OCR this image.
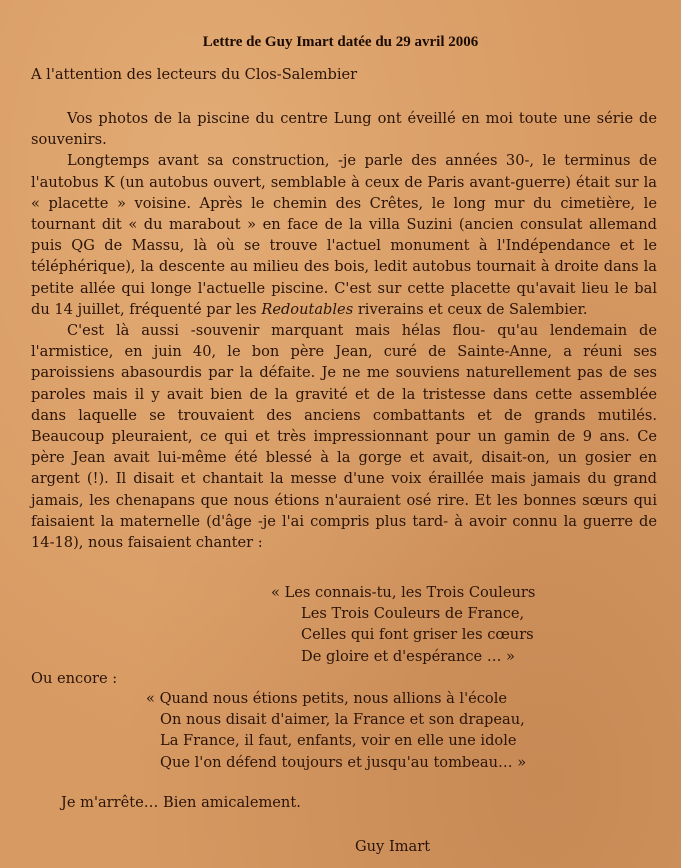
Lettre de Guy Imart datée du 29 avril 2006
A l'attention des lecteurs du Clos-Salembier

Vos photos de la piscine du centre Lung ont éveillé en moi toute une série de souvenirs.

Longtemps avant sa construction, -je parle des années 30-, le terminus de l'autobus K (un autobus ouvert, semblable à ceux de Paris avant-guerre) était sur la « placette » voisine. Après le chemin des Crêtes, le long mur du cimetière, le tournant dit « du marabout » en face de la villa Suzini (ancien consulat allemand puis QG de Massu, là où se trouve l'actuel monument à l'Indépendance et le téléphérique), la descente au milieu des bois, ledit autobus tournait à droite dans la petite allée qui longe l'actuelle piscine. C'est sur cette placette qu'avait lieu le bal du 14 juillet, fréquenté par les Redoutables riverains et ceux de Salembier.

C'est là aussi -souvenir marquant mais hélas flou- qu'au lendemain de l'armistice, en juin 40, le bon père Jean, curé de Sainte-Anne, a réuni ses paroissiens abasourdis par la défaite. Je ne me souviens naturellement pas de ses paroles mais il y avait bien de la gravité et de la tristesse dans cette assemblée dans laquelle se trouvaient des anciens combattants et de grands mutilés. Beaucoup pleuraient, ce qui et très impressionnant pour un gamin de 9 ans. Ce père Jean avait lui-même été blessé à la gorge et avait, disait-on, un gosier en argent (!). Il disait et chantait la messe d'une voix éraillée mais jamais du grand jamais, les chenapans que nous étions n'auraient osé rire. Et les bonnes sœurs qui faisaient la maternelle (d'âge -je l'ai compris plus tard- à avoir connu la guerre de 14-18), nous faisaient chanter :

« Les connais-tu, les Trois Couleurs
Les Trois Couleurs de France,
Celles qui font griser les cœurs
De gloire et d'espérance … »
Ou encore :
« Quand nous étions petits, nous allions à l'école
On nous disait d'aimer, la France et son drapeau,
La France, il faut, enfants, voir en elle une idole
Que l'on défend toujours et jusqu'au tombeau… »
Je m'arrête… Bien amicalement.
Guy Imart
